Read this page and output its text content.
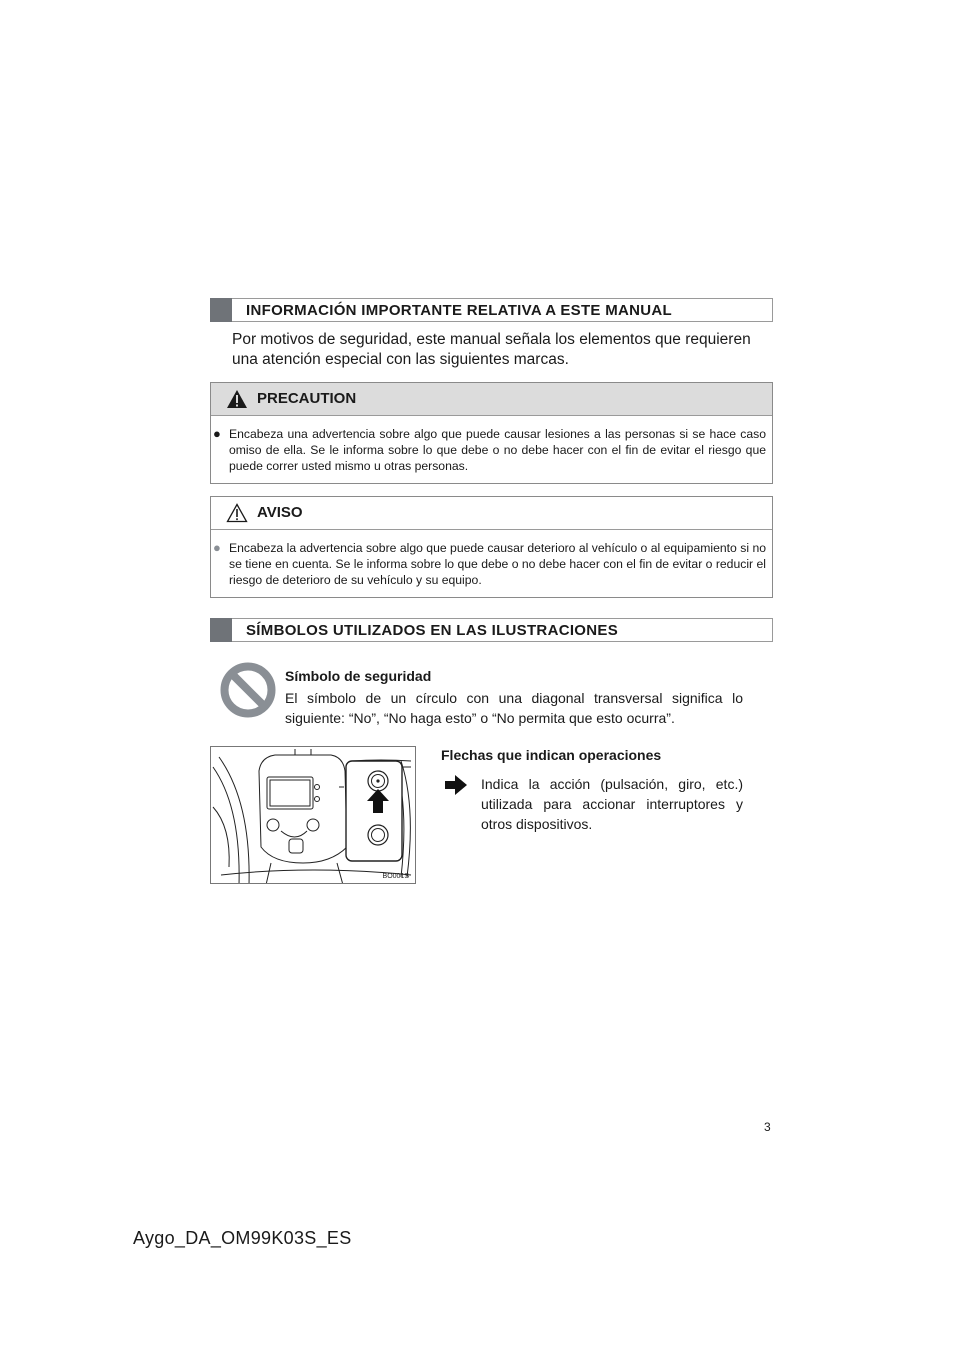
INFORMACIÓN IMPORTANTE RELATIVA A ESTE MANUAL
Por motivos de seguridad, este manual señala los elementos que requieren una atención especial con las siguientes marcas.
PRECAUTION
● Encabeza una advertencia sobre algo que puede causar lesiones a las personas si se hace caso omiso de ella. Se le informa sobre lo que debe o no debe hacer con el fin de evitar el riesgo que puede correr usted mismo u otras personas.

AVISO
● Encabeza la advertencia sobre algo que puede causar deterioro al vehículo o al equipamiento si no se tiene en cuenta. Se le informa sobre lo que debe o no debe hacer con el fin de evitar o reducir el riesgo de deterioro de su vehículo y su equipo.

SÍMBOLOS UTILIZADOS EN LAS ILUSTRACIONES
Símbolo de seguridad
El símbolo de un círculo con una diagonal transversal significa lo siguiente: “No”, “No haga esto” o “No permita que esto ocurra”.
BO001S
Flechas que indican operaciones
Indica la acción (pulsación, giro, etc.) utilizada para accionar interruptores y otros dispositivos.
3
Aygo_DA_OM99K03S_ES
